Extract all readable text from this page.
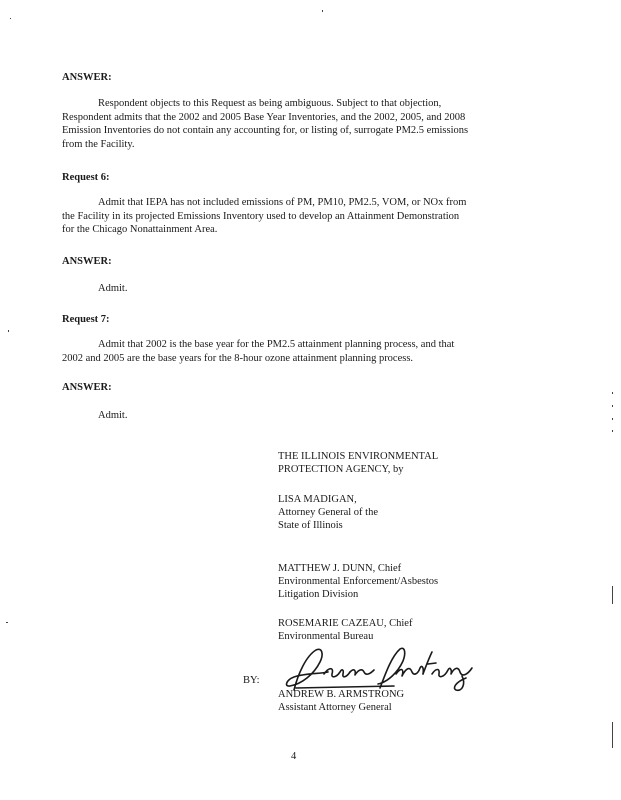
ANSWER:
Respondent objects to this Request as being ambiguous. Subject to that objection,
Respondent admits that the 2002 and 2005 Base Year Inventories, and the 2002, 2005, and 2008
Emission Inventories do not contain any accounting for, or listing of, surrogate PM2.5 emissions
from the Facility.
Request 6:
Admit that IEPA has not included emissions of PM, PM10, PM2.5, VOM, or NOx from
the Facility in its projected Emissions Inventory used to develop an Attainment Demonstration
for the Chicago Nonattainment Area.
ANSWER:
Admit.
Request 7:
Admit that 2002 is the base year for the PM2.5 attainment planning process, and that
2002 and 2005 are the base years for the 8-hour ozone attainment planning process.
ANSWER:
Admit.
THE ILLINOIS ENVIRONMENTAL
PROTECTION AGENCY, by
LISA MADIGAN,
Attorney General of the
State of Illinois
MATTHEW J. DUNN, Chief
Environmental Enforcement/Asbestos
Litigation Division
ROSEMARIE CAZEAU, Chief
Environmental Bureau
BY:
ANDREW B. ARMSTRONG
Assistant Attorney General
4
